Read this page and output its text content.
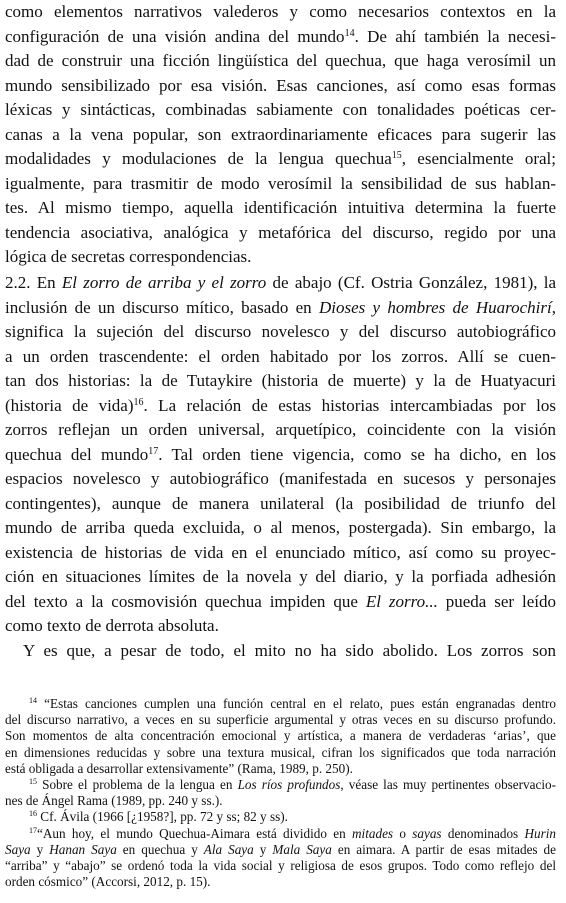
como elementos narrativos valederos y como necesarios contextos en la
configuración de una visión andina del mundo$^{14}$. De ahí también la necesi-
dad de construir una ficción lingüística del quechua, que haga verosímil un
mundo sensibilizado por esa visión. Esas canciones, así como esas formas
léxicas y sintácticas, combinadas sabiamente con tonalidades poéticas cer-
canas a la vena popular, son extraordinariamente eficaces para sugerir las
modalidades y modulaciones de la lengua quechua$^{15}$, esencialmente oral;
igualmente, para trasmitir de modo verosímil la sensibilidad de sus hablan-
tes. Al mismo tiempo, aquella identificación intuitiva determina la fuerte
tendencia asociativa, analógica y metafórica del discurso, regido por una
lógica de secretas correspondencias.
2.2. En El zorro de arriba y el zorro de abajo (Cf. Ostria González, 1981), la
inclusión de un discurso mítico, basado en Dioses y hombres de Huarochirí,
significa la sujeción del discurso novelesco y del discurso autobiográfico
a un orden trascendente: el orden habitado por los zorros. Allí se cuen-
tan dos historias: la de Tutaykire (historia de muerte) y la de Huatyacuri
(historia de vida)$^{16}$. La relación de estas historias intercambiadas por los
zorros reflejan un orden universal, arquetípico, coincidente con la visión
quechua del mundo$^{17}$. Tal orden tiene vigencia, como se ha dicho, en los
espacios novelesco y autobiográfico (manifestada en sucesos y personajes
contingentes), aunque de manera unilateral (la posibilidad de triunfo del
mundo de arriba queda excluida, o al menos, postergada). Sin embargo, la
existencia de historias de vida en el enunciado mítico, así como su proyec-
ción en situaciones límites de la novela y del diario, y la porfiada adhesión
del texto a la cosmovisión quechua impiden que El zorro... pueda ser leído
como texto de derrota absoluta.
Y es que, a pesar de todo, el mito no ha sido abolido. Los zorros son
$^{14}$ “Estas canciones cumplen una función central en el relato, pues están engranadas dentro
del discurso narrativo, a veces en su superficie argumental y otras veces en su discurso profundo.
Son momentos de alta concentración emocional y artística, a manera de verdaderas ‘arias’, que
en dimensiones reducidas y sobre una textura musical, cifran los significados que toda narración
está obligada a desarrollar extensivamente” (Rama, 1989, p. 250).
$^{15}$ Sobre el problema de la lengua en Los ríos profundos, véase las muy pertinentes observacio-
nes de Ángel Rama (1989, pp. 240 y ss.).
$^{16}$ Cf. Ávila (1966 [¿1958?], pp. 72 y ss; 82 y ss).
$^{17}$“Aun hoy, el mundo Quechua-Aimara está dividido en mitades o sayas denominados Hurin
Saya y Hanan Saya en quechua y Ala Saya y Mala Saya en aimara. A partir de esas mitades de
“arriba” y “abajo” se ordenó toda la vida social y religiosa de esos grupos. Todo como reflejo del
orden cósmico” (Accorsi, 2012, p. 15).
